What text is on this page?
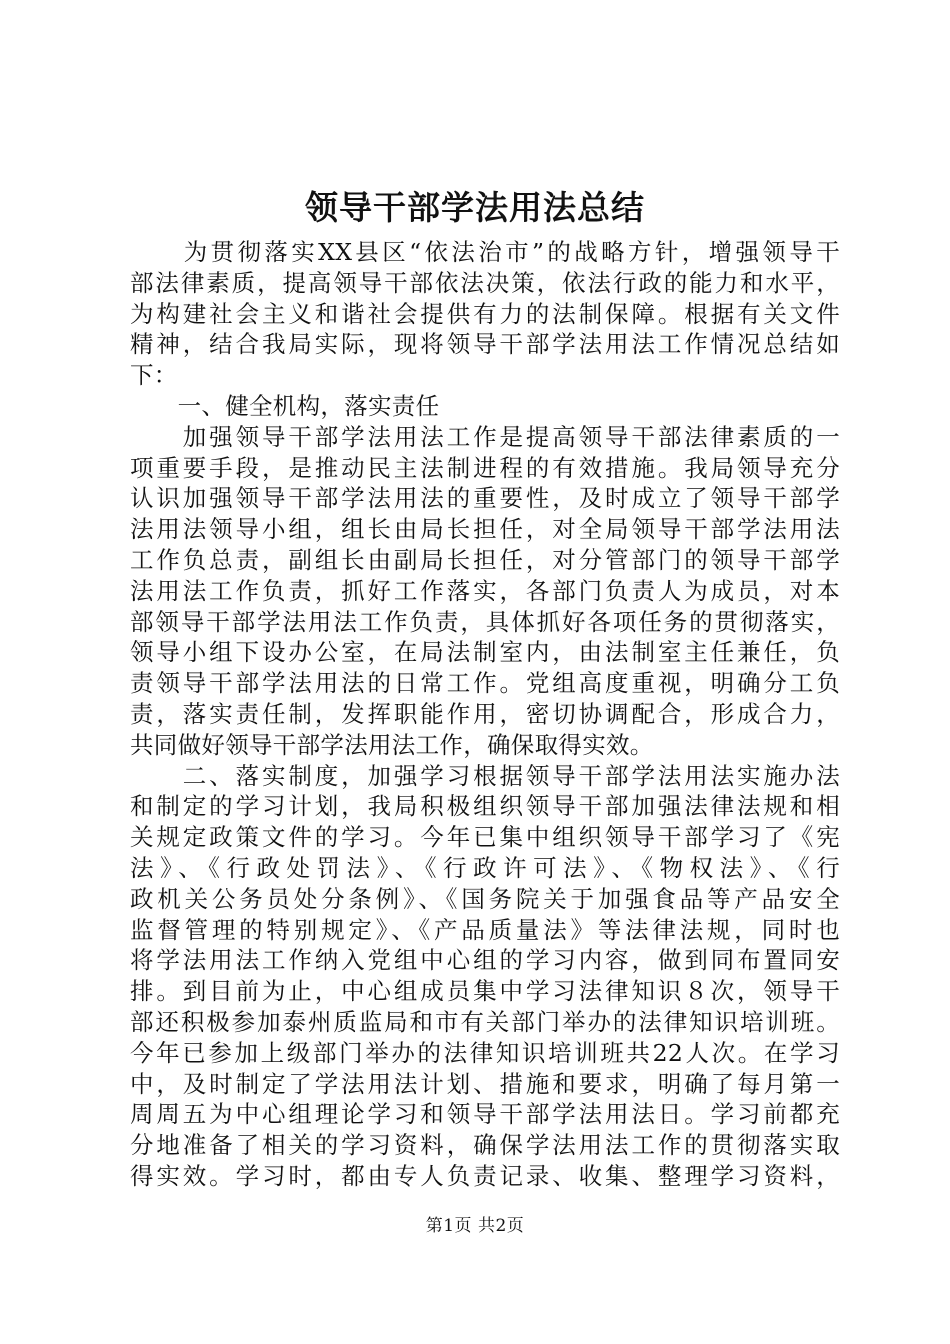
领导干部学法用法总结
　　为贯彻落实XX县区“依法治市”的战略方针，增强领导干
部法律素质，提高领导干部依法决策，依法行政的能力和水平，
为构建社会主义和谐社会提供有力的法制保障。根据有关文件
精神，结合我局实际，现将领导干部学法用法工作情况总结如
下：
　　一、健全机构，落实责任
　　加强领导干部学法用法工作是提高领导干部法律素质的一
项重要手段，是推动民主法制进程的有效措施。我局领导充分
认识加强领导干部学法用法的重要性，及时成立了领导干部学
法用法领导小组，组长由局长担任，对全局领导干部学法用法
工作负总责，副组长由副局长担任，对分管部门的领导干部学
法用法工作负责，抓好工作落实，各部门负责人为成员，对本
部领导干部学法用法工作负责，具体抓好各项任务的贯彻落实，
领导小组下设办公室，在局法制室内，由法制室主任兼任，负
责领导干部学法用法的日常工作。党组高度重视，明确分工负
责，落实责任制，发挥职能作用，密切协调配合，形成合力，
共同做好领导干部学法用法工作，确保取得实效。
　　二、落实制度，加强学习根据领导干部学法用法实施办法
和制定的学习计划，我局积极组织领导干部加强法律法规和相
关规定政策文件的学习。今年已集中组织领导干部学习了《宪
法》、《行政处罚法》、《行政许可法》、《物权法》、《行
政机关公务员处分条例》、《国务院关于加强食品等产品安全
监督管理的特别规定》、《产品质量法》等法律法规，同时也
将学法用法工作纳入党组中心组的学习内容，做到同布置同安
排。到目前为止，中心组成员集中学习法律知识８次，领导干
部还积极参加泰州质监局和市有关部门举办的法律知识培训班。
今年已参加上级部门举办的法律知识培训班共22人次。在学习
中，及时制定了学法用法计划、措施和要求，明确了每月第一
周周五为中心组理论学习和领导干部学法用法日。学习前都充
分地准备了相关的学习资料，确保学法用法工作的贯彻落实取
得实效。学习时，都由专人负责记录、收集、整理学习资料，
第1页 共2页
